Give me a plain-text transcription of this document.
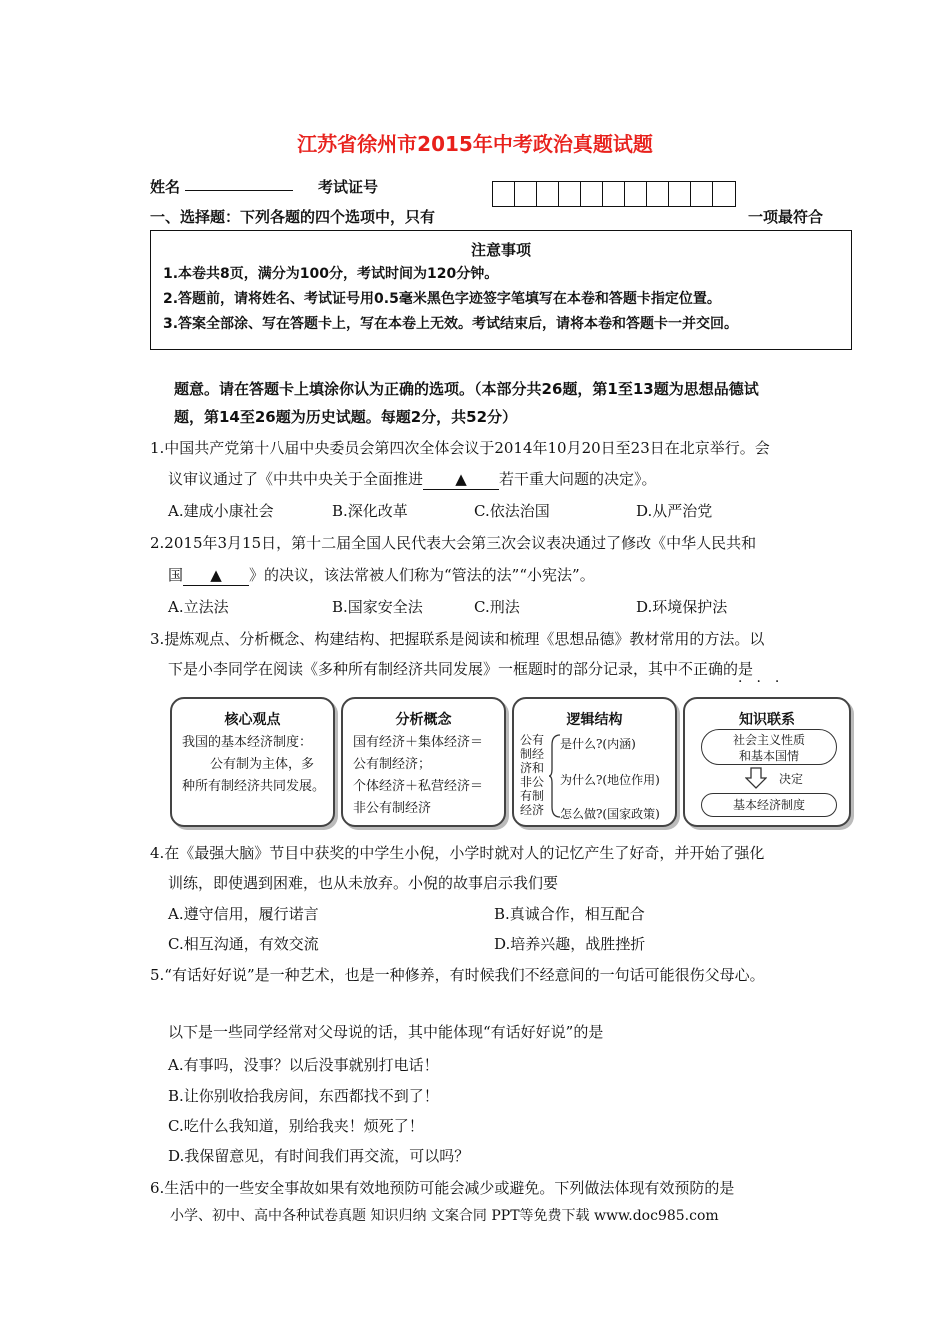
江苏省徐州市2015年中考政治真题试题
姓名	考试证号
一、选择题：下列各题的四个选项中，只有	一项最符合
注意事项
1.本卷共8页，满分为100分，考试时间为120分钟。
2.答题前，请将姓名、考试证号用0.5毫米黑色字迹签字笔填写在本卷和答题卡指定位置。
3.答案全部涂、写在答题卡上，写在本卷上无效。考试结束后，请将本卷和答题卡一并交回。
题意。请在答题卡上填涂你认为正确的选项。（本部分共26题，第1至13题为思想品德试
题，第14至26题为历史试题。每题2分，共52分）
1.中国共产党第十八届中央委员会第四次全体会议于2014年10月20日至23日在北京举行。会
议审议通过了《中共中央关于全面推进 ▲ 若干重大问题的决定》。
A.建成小康社会	B.深化改革	C.依法治国	D.从严治党
2.2015年3月15日，第十二届全国人民代表大会第三次会议表决通过了修改《中华人民共和
国 ▲ 》的决议，该法常被人们称为“管法的法”“小宪法”。
A.立法法	B.国家安全法	C.刑法	D.环境保护法
3.提炼观点、分析概念、构建结构、把握联系是阅读和梳理《思想品德》教材常用的方法。以
下是小李同学在阅读《多种所有制经济共同发展》一框题时的部分记录，其中不正确的是
···
核心观点
我国的基本经济制度：
公有制为主体，多
种所有制经济共同发展。
分析概念
国有经济＋集体经济＝
公有制经济；
个体经济＋私营经济＝
非公有制经济
逻辑结构
公有
制经
济和
非公
有制
经济
是什么?(内涵)
为什么?(地位作用)
怎么做?(国家政策)
知识联系
社会主义性质
和基本国情
决定
基本经济制度
4.在《最强大脑》节目中获奖的中学生小倪，小学时就对人的记忆产生了好奇，并开始了强化
训练，即使遇到困难，也从未放弃。小倪的故事启示我们要
A.遵守信用，履行诺言	B.真诚合作，相互配合
C.相互沟通，有效交流	D.培养兴趣，战胜挫折
5.“有话好好说”是一种艺术，也是一种修养，有时候我们不经意间的一句话可能很伤父母心。
以下是一些同学经常对父母说的话，其中能体现“有话好好说”的是
A.有事吗，没事？以后没事就别打电话！
B.让你别收拾我房间，东西都找不到了！
C.吃什么我知道，别给我夹！烦死了！
D.我保留意见，有时间我们再交流，可以吗？
6.生活中的一些安全事故如果有效地预防可能会减少或避免。下列做法体现有效预防的是
小学、初中、高中各种试卷真题 知识归纳 文案合同 PPT等免费下载 www.doc985.com
